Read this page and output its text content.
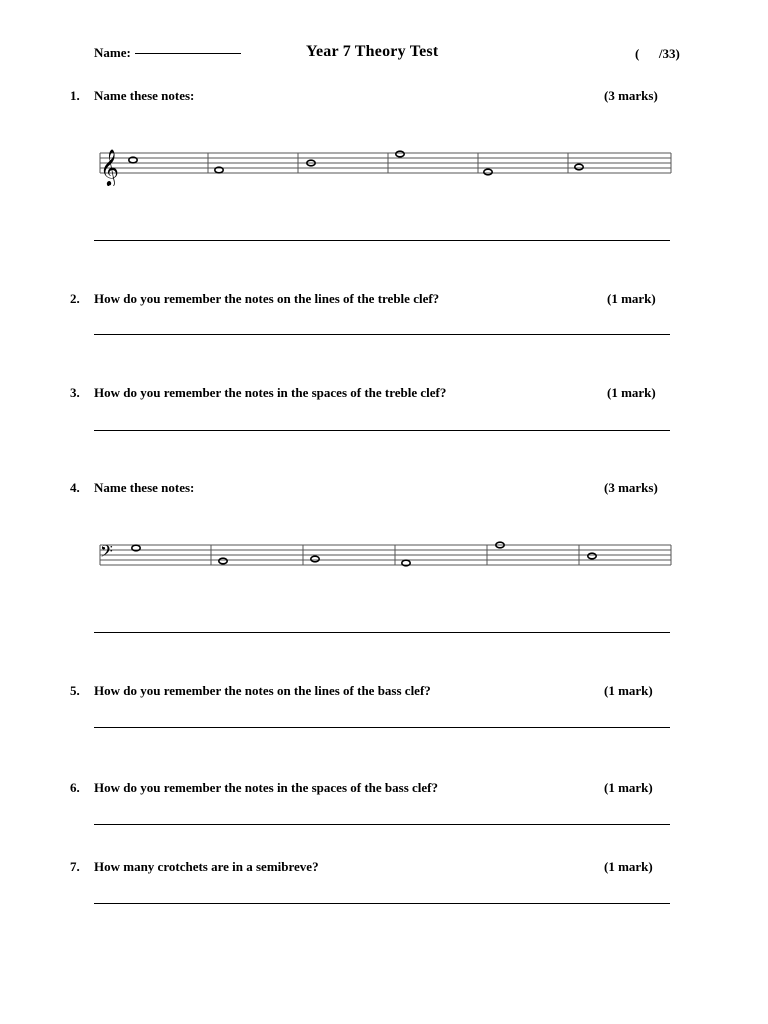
Name:	Year 7 Theory Test	(      /33)
1. Name these notes:	(3 marks)
𝄞
2. How do you remember the notes on the lines of the treble clef?	(1 mark)
3. How do you remember the notes in the spaces of the treble clef?	(1 mark)
4. Name these notes:	(3 marks)
𝄢
5. How do you remember the notes on the lines of the bass clef?	(1 mark)
6. How do you remember the notes in the spaces of the bass clef?	(1 mark)
7. How many crotchets are in a semibreve?	(1 mark)
